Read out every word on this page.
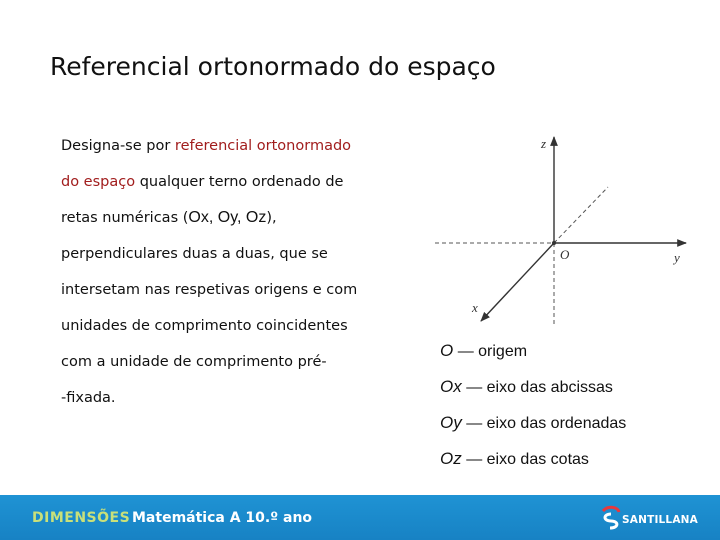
Referencial ortonormado do espaço
Designa-se por referencial ortonormado
do espaço qualquer terno ordenado de
retas numéricas (Ox, Oy, Oz),
perpendiculares duas a duas, que se
intersetam nas respetivas origens e com
unidades de comprimento coincidentes
com a unidade de comprimento pré-
-fixada.
z
y
x
O
O — origem
Ox — eixo das abcissas
Oy — eixo das ordenadas
Oz — eixo das cotas
DIMENSÕES Matemática A 10.º ano	SANTILLANA
